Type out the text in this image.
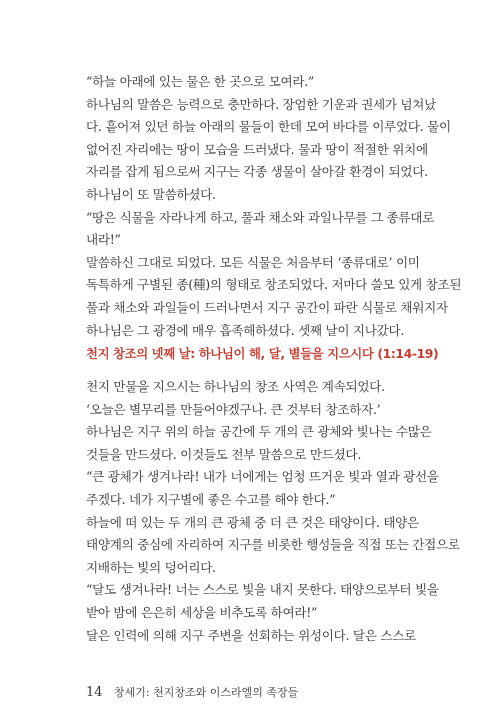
“하늘 아래에 있는 물은 한 곳으로 모여라.”

하나님의 말씀은 능력으로 충만하다. 장엄한 기운과 권세가 넘쳐났

다. 흩어져 있던 하늘 아래의 물들이 한데 모여 바다를 이루었다. 물이

없어진 자리에는 땅이 모습을 드러냈다. 물과 땅이 적절한 위치에

자리를 잡게 됨으로써 지구는 각종 생물이 살아갈 환경이 되었다.

하나님이 또 말씀하셨다.

“땅은 식물을 자라나게 하고, 풀과 채소와 과일나무를 그 종류대로

내라!”

말씀하신 그대로 되었다. 모든 식물은 처음부터 ‘종류대로’ 이미

독특하게 구별된 종(種)의 형태로 창조되었다. 저마다 쓸모 있게 창조된

풀과 채소와 과일들이 드러나면서 지구 공간이 파란 식물로 채워지자

하나님은 그 광경에 매우 흡족해하셨다. 셋째 날이 지나갔다.

천지 창조의 넷째 날: 하나님이 해, 달, 별들을 지으시다 (1:14-19)

천지 만물을 지으시는 하나님의 창조 사역은 계속되었다.

‘오늘은 별무리를 만들어야겠구나. 큰 것부터 창조하자.’

하나님은 지구 위의 하늘 공간에 두 개의 큰 광체와 빛나는 수많은

것들을 만드셨다. 이것들도 전부 말씀으로 만드셨다.

“큰 광체가 생겨나라! 내가 너에게는 엄청 뜨거운 빛과 열과 광선을

주겠다. 네가 지구별에 좋은 수고를 해야 한다.”

하늘에 떠 있는 두 개의 큰 광체 중 더 큰 것은 태양이다. 태양은

태양계의 중심에 자리하여 지구를 비롯한 행성들을 직접 또는 간접으로

지배하는 빛의 덩어리다.

“달도 생겨나라! 너는 스스로 빛을 내지 못한다. 태양으로부터 빛을

받아 밤에 은은히 세상을 비추도록 하여라!”

달은 인력에 의해 지구 주변을 선회하는 위성이다. 달은 스스로

14 창세기: 천지창조와 이스라엘의 족장들
